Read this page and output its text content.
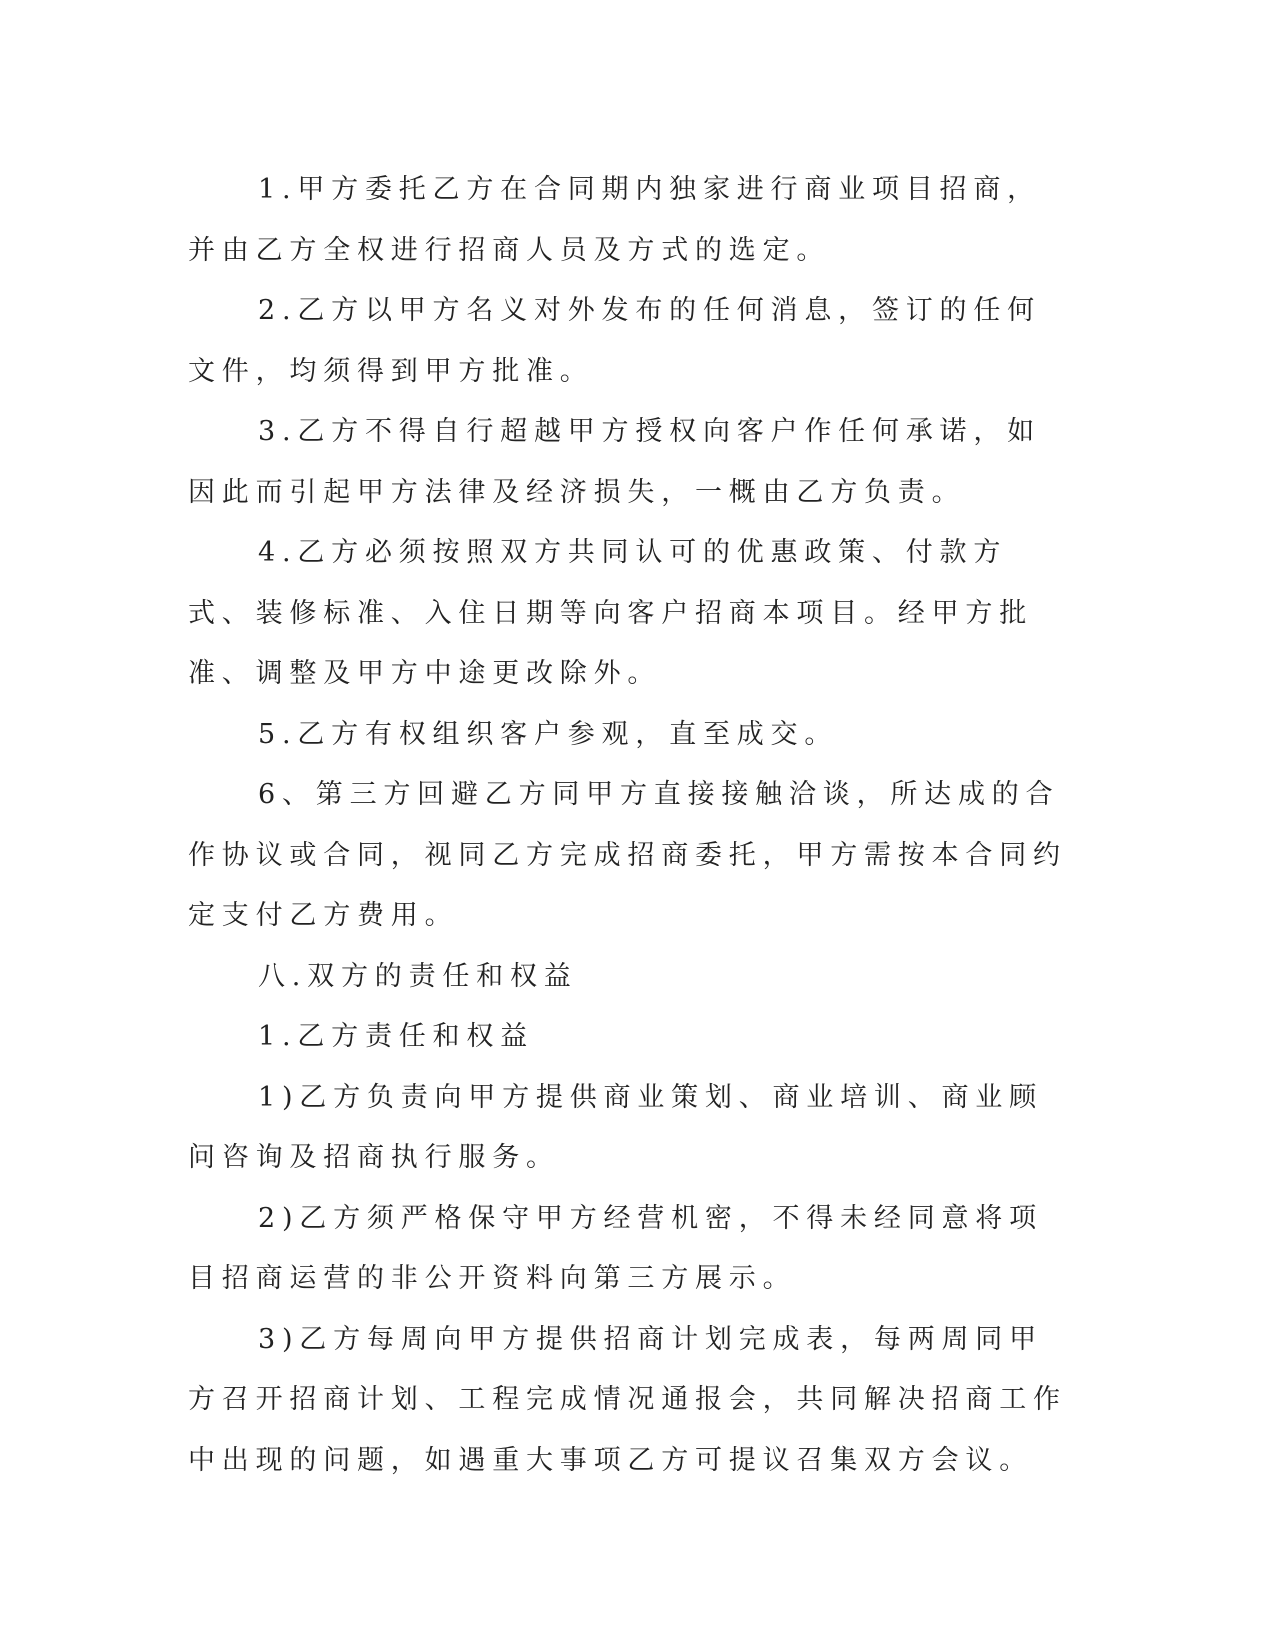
1.甲方委托乙方在合同期内独家进行商业项目招商，并由乙方全权进行招商人员及方式的选定。

2.乙方以甲方名义对外发布的任何消息，签订的任何文件，均须得到甲方批准。

3.乙方不得自行超越甲方授权向客户作任何承诺，如因此而引起甲方法律及经济损失，一概由乙方负责。

4.乙方必须按照双方共同认可的优惠政策、付款方式、装修标准、入住日期等向客户招商本项目。经甲方批准、调整及甲方中途更改除外。

5.乙方有权组织客户参观，直至成交。

6、第三方回避乙方同甲方直接接触洽谈，所达成的合作协议或合同，视同乙方完成招商委托，甲方需按本合同约定支付乙方费用。

八.双方的责任和权益

1.乙方责任和权益

1)乙方负责向甲方提供商业策划、商业培训、商业顾问咨询及招商执行服务。

2)乙方须严格保守甲方经营机密，不得未经同意将项目招商运营的非公开资料向第三方展示。

3)乙方每周向甲方提供招商计划完成表，每两周同甲方召开招商计划、工程完成情况通报会，共同解决招商工作中出现的问题，如遇重大事项乙方可提议召集双方会议。
